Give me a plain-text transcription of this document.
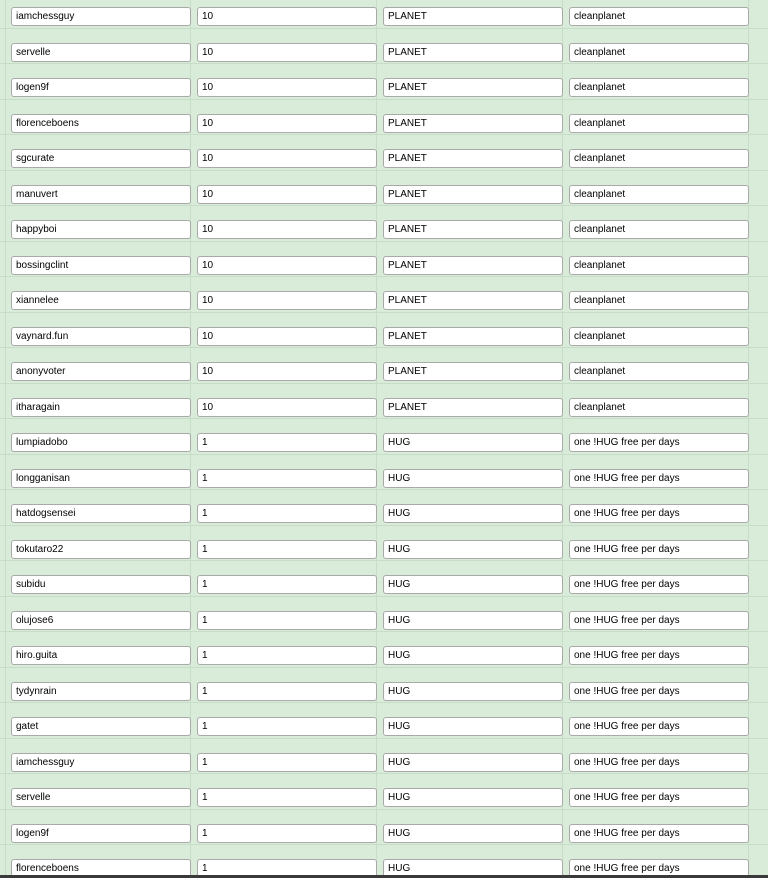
iamchessguy	10	PLANET	cleanplanet
servelle	10	PLANET	cleanplanet
logen9f	10	PLANET	cleanplanet
florenceboens	10	PLANET	cleanplanet
sgcurate	10	PLANET	cleanplanet
manuvert	10	PLANET	cleanplanet
happyboi	10	PLANET	cleanplanet
bossingclint	10	PLANET	cleanplanet
xiannelee	10	PLANET	cleanplanet
vaynard.fun	10	PLANET	cleanplanet
anonyvoter	10	PLANET	cleanplanet
itharagain	10	PLANET	cleanplanet
lumpiadobo	1	HUG	one !HUG free per days
longganisan	1	HUG	one !HUG free per days
hatdogsensei	1	HUG	one !HUG free per days
tokutaro22	1	HUG	one !HUG free per days
subidu	1	HUG	one !HUG free per days
olujose6	1	HUG	one !HUG free per days
hiro.guita	1	HUG	one !HUG free per days
tydynrain	1	HUG	one !HUG free per days
gatet	1	HUG	one !HUG free per days
iamchessguy	1	HUG	one !HUG free per days
servelle	1	HUG	one !HUG free per days
logen9f	1	HUG	one !HUG free per days
florenceboens	1	HUG	one !HUG free per days
